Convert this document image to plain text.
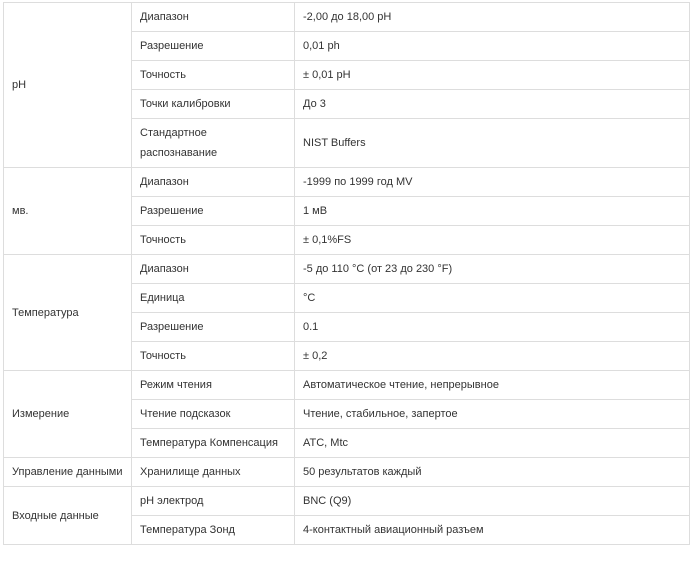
pH	Диапазон	-2,00 до 18,00 pH
	Разрешение	0,01 ph
	Точность	± 0,01 pH
	Точки калибровки	До 3
	Стандартное распознавание	NIST Buffers
мв.	Диапазон	-1999 по 1999 год MV
	Разрешение	1 мВ
	Точность	± 0,1%FS
Температура	Диапазон	-5 до 110 °C (от 23 до 230 °F)
	Единица	°C
	Разрешение	0.1
	Точность	± 0,2
Измерение	Режим чтения	Автоматическое чтение, непрерывное
	Чтение подсказок	Чтение, стабильное, запертое
	Температура Компенсация	ATC, Mtc
Управление данными	Хранилище данных	50 результатов каждый
Входные данные	pH электрод	BNC (Q9)
	Температура Зонд	4-контактный авиационный разъем
